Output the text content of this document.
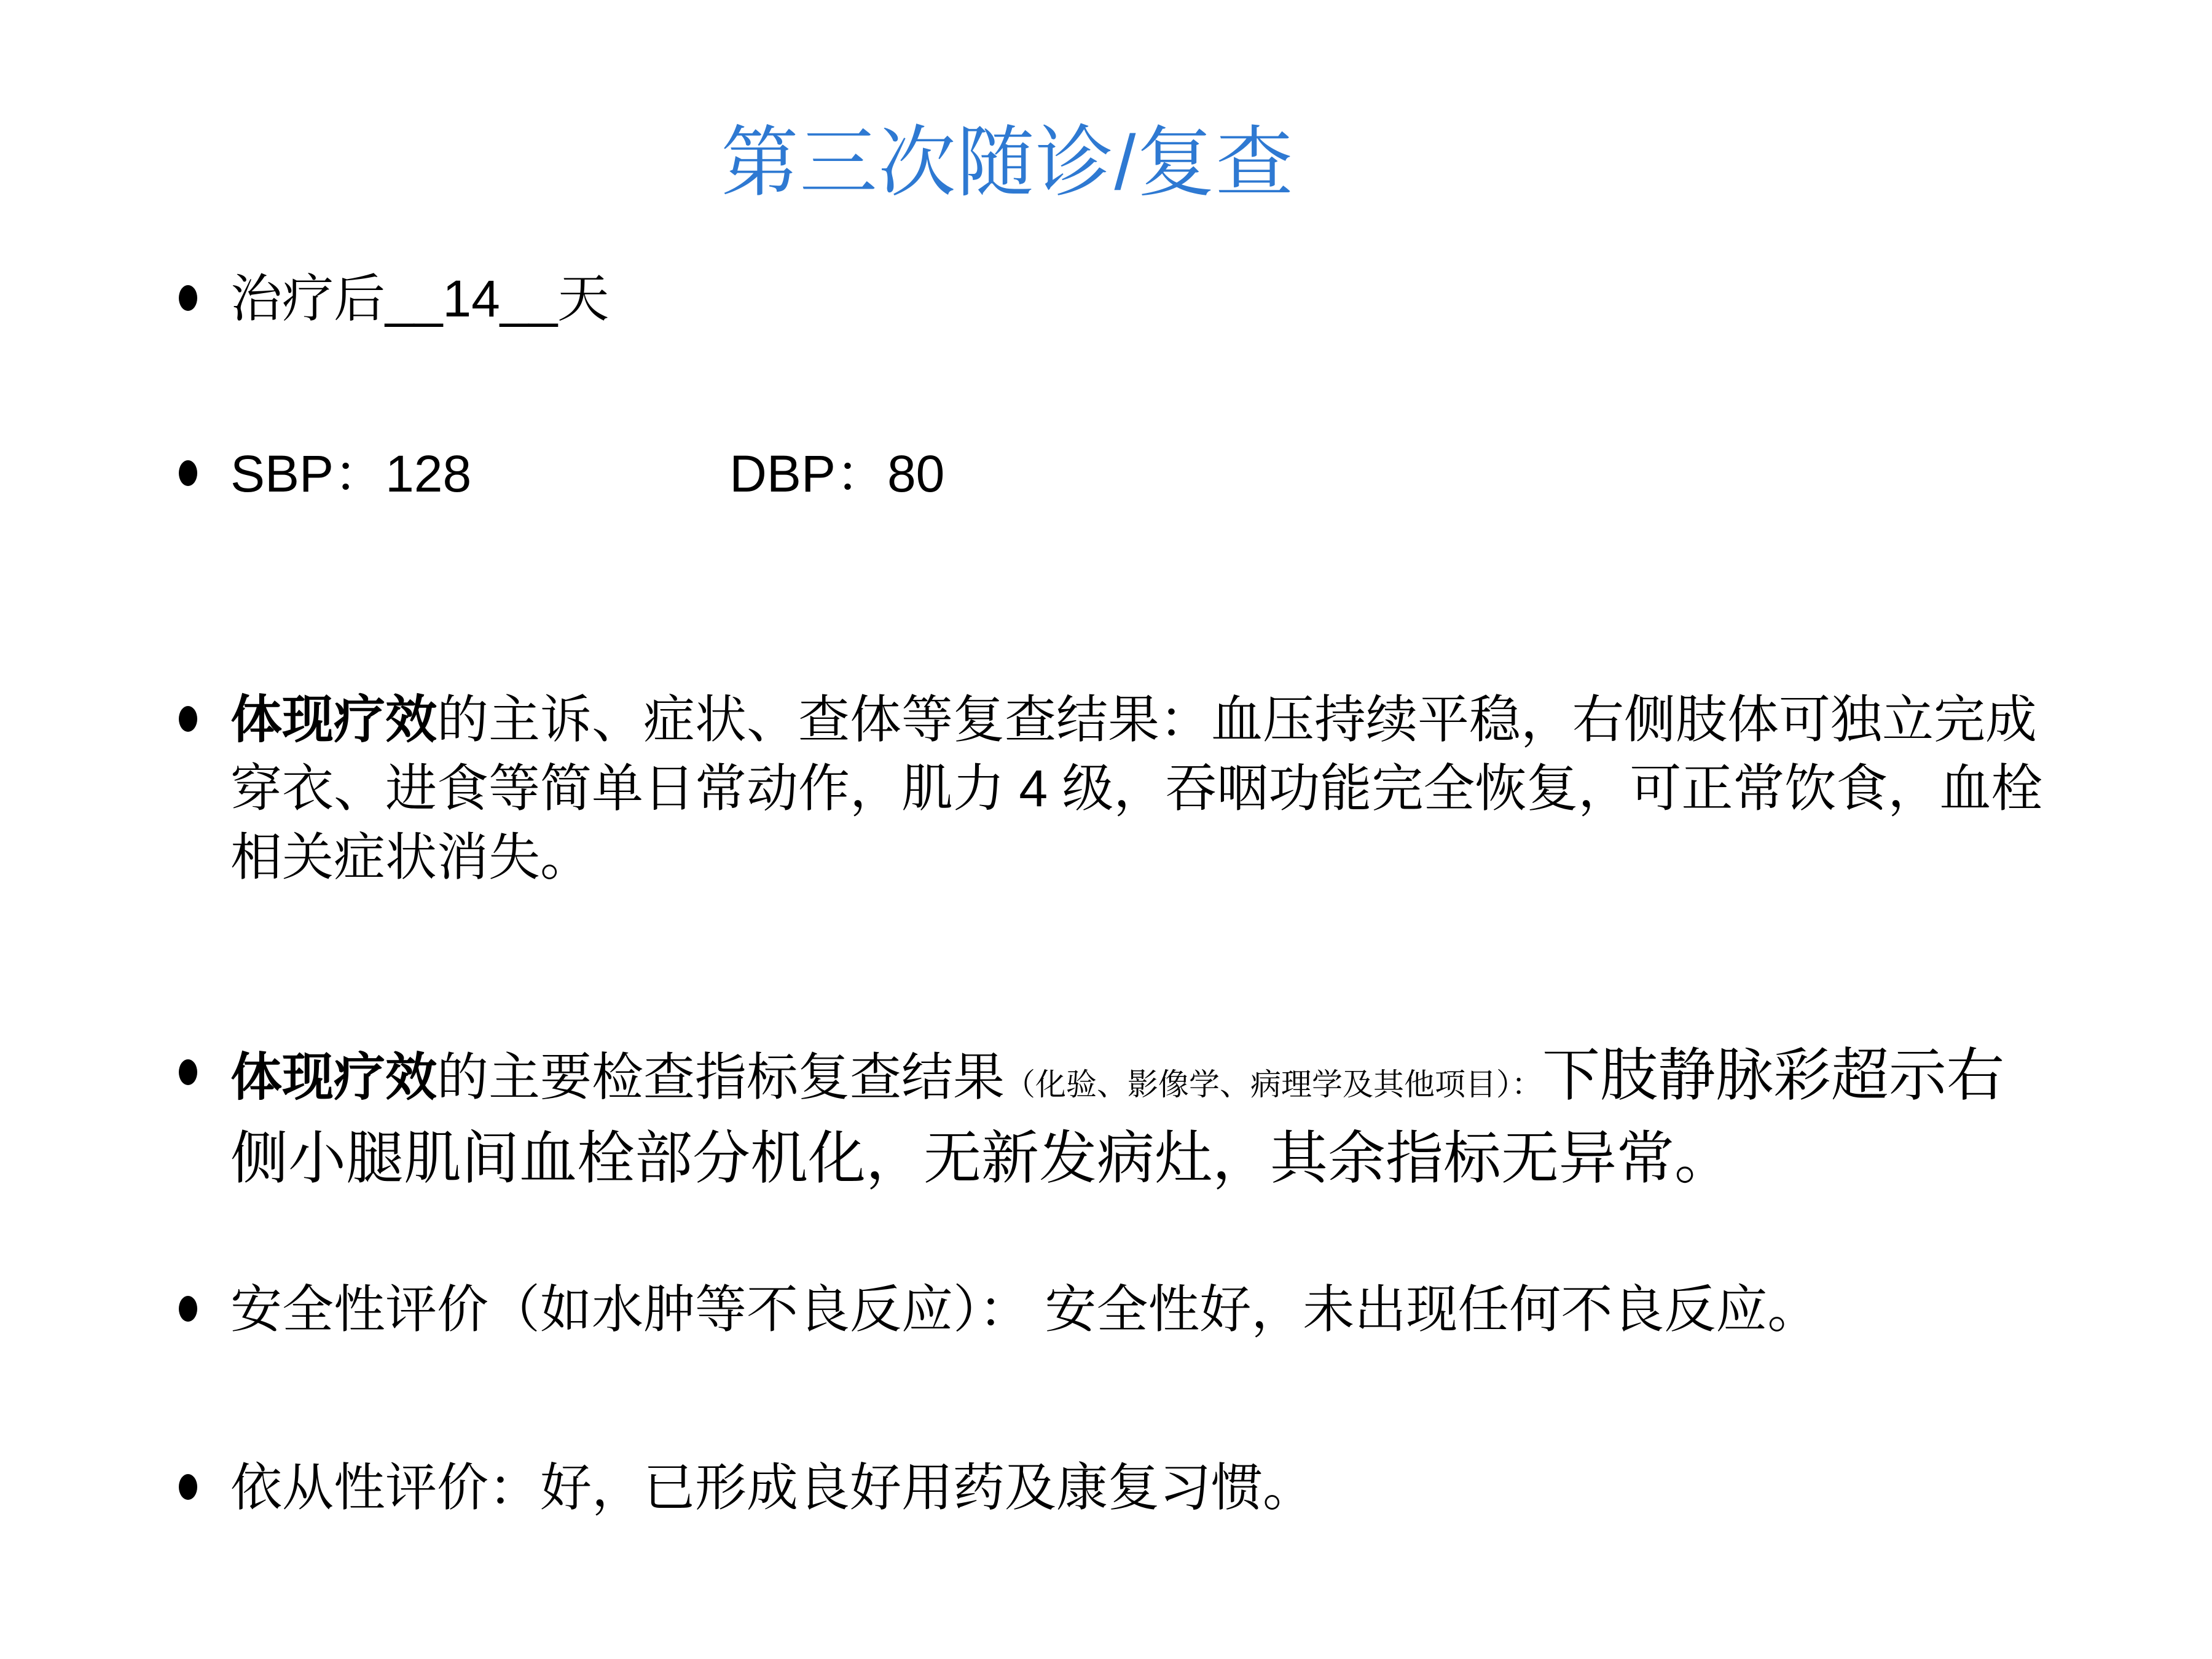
第三次随诊/复查
治疗后__14__天
SBP：128	DBP：80
体现疗效的主诉、症状、查体等复查结果：血压持续平稳，右侧肢体可独立完成穿衣、进食等简单日常动作，肌力 4 级，吞咽功能完全恢复，可正常饮食，血栓相关症状消失。
体现疗效的主要检查指标复查结果（化验、影像学、病理学及其他项目）：下肢静脉彩超示右侧小腿肌间血栓部分机化，无新发病灶，其余指标无异常。
安全性评价（如水肿等不良反应）： 安全性好，未出现任何不良反应。
依从性评价：好，已形成良好用药及康复习惯。
